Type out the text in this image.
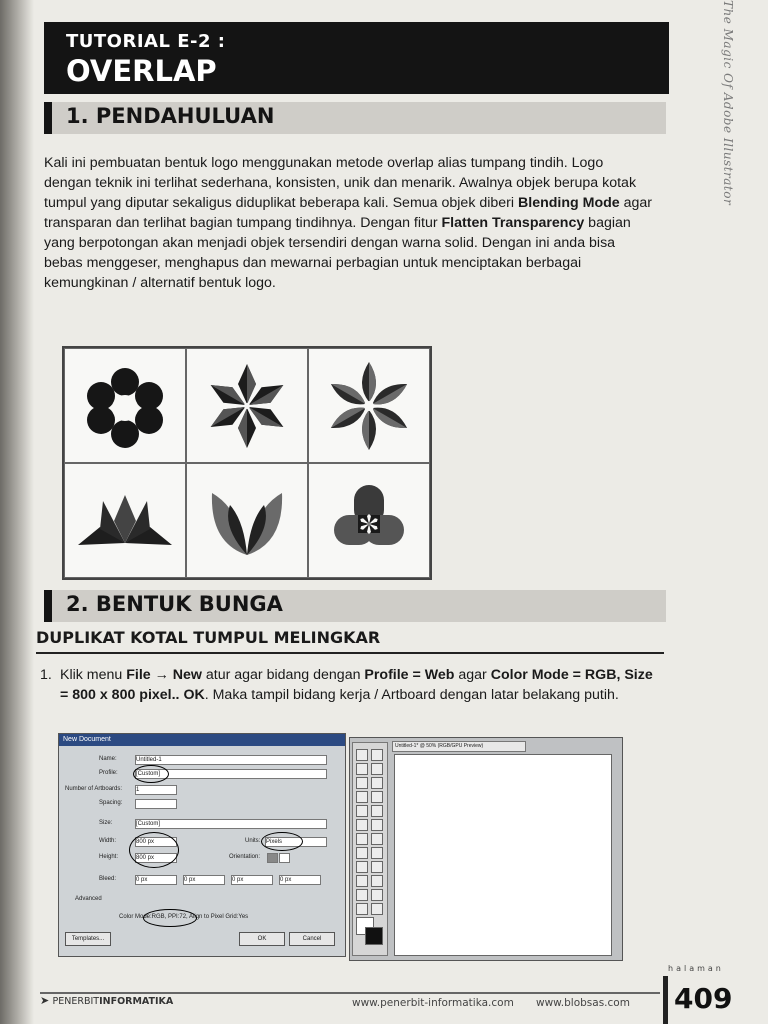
TUTORIAL E-2 :
OVERLAP	The Magic Of Adobe Illustrator
1. PENDAHULUAN

Kali ini pembuatan bentuk logo menggunakan metode overlap alias tumpang tindih. Logo dengan teknik ini terlihat sederhana, konsisten, unik dan menarik. Awalnya objek berupa kotak tumpul yang diputar sekaligus diduplikat beberapa kali. Semua objek diberi Blending Mode agar transparan dan terlihat bagian tumpang tindihnya. Dengan fitur Flatten Transparency bagian yang berpotongan akan menjadi objek tersendiri dengan warna solid. Dengan ini anda bisa bebas menggeser, menghapus dan mewarnai perbagian untuk menciptakan berbagai kemungkinan / alternatif bentuk logo.

2. BENTUK BUNGA
DUPLIKAT KOTAL TUMPUL MELINGKAR
1. Klik menu File → New atur agar bidang dengan Profile = Web agar Color Mode = RGB, Size = 800 x 800 pixel.. OK. Maka tampil bidang kerja / Artboard dengan latar belakang putih.
New Document
Name:	Untitled-1
Profile:	[Custom]
Number of Artboards: 1
Spacing:
Size:	[Custom]
Width:	800 px	Units: Pixels
Height:	800 px	Orientation:
Bleed:	0 px	0 px	0 px	0 px
Advanced
Color Mode:RGB, PPI:72, Align to Pixel Grid:Yes
Templates...	OK	Cancel
Untitled-1* @ 50% (RGB/GPU Preview)
➤ PENERBITINFORMATIKA	www.penerbit-informatika.com www.blobsas.com
halaman
409
